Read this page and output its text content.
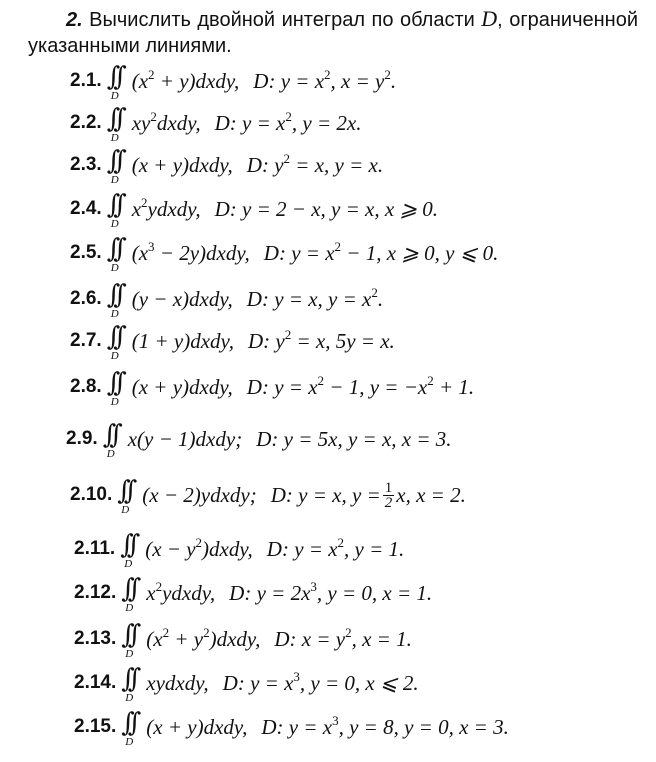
2. Вычислить двойной интеграл по области D, ограниченной указанными линиями.
2.1. ∫∫
D
($x^2$ + y)dxdy, D: $y = x^2$, $x = y^2$.
2.2. ∫∫
D
$xy^2dxdy$, D: $y = x^2$, y = 2x.
2.3. ∫∫
D
(x + y)dxdy, D: $y^2 = x$, y = x.
2.4. ∫∫
D
$x^2ydxdy$, D: y = 2 − x, y = x, x ⩾ 0.
2.5. ∫∫
D
($x^3$ − 2y)dxdy, D: $y = x^2 - 1$, x ⩾ 0, y ⩽ 0.
2.6. ∫∫
D
(y − x)dxdy, D: y = x, $y = x^2$.
2.7. ∫∫
D
(1 + y)dxdy, D: $y^2 = x$, 5y = x.
2.8. ∫∫
D
(x + y)dxdy, D: $y = x^2 - 1$, $y = -x^2 + 1$.
2.9. ∫∫
D
x(y − 1)dxdy; D: y = 5x, y = x, x = 3.
2.10. ∫∫
D
(x − 2)ydxdy; D: y = x, $y = \frac{1}{2} x$, x = 2.
2.11. ∫∫
D
$(x - y^2)dxdy$, D: $y = x^2$, y = 1.
2.12. ∫∫
D
$x^2ydxdy$, D: $y = 2x^3$, y = 0, x = 1.
2.13. ∫∫
D
($x^2$ + $y^2)dxdy$, D: $x = y^2$, x = 1.
2.14. ∫∫
D
xydxdy, D: $y = x^3$, y = 0, x ⩽ 2.
2.15. ∫∫
D
(x + y)dxdy, D: $y = x^3$, y = 8, y = 0, x = 3.
